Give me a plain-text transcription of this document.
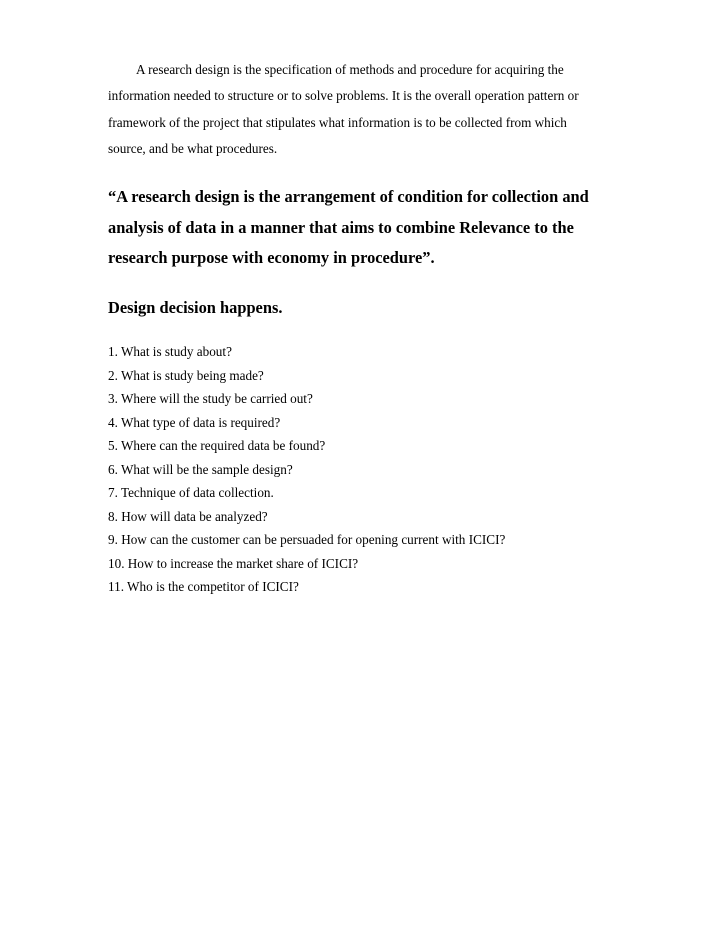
A research design is the specification of methods and procedure for acquiring the
information needed to structure or to solve problems. It is the overall operation pattern or
framework of the project that stipulates what information is to be collected from which
source, and be what procedures.

“A research design is the arrangement of condition for collection and
analysis of data in a manner that aims to combine Relevance to the
research purpose with economy in procedure”.

Design decision happens.
1. What is study about?
2. What is study being made?
3. Where will the study be carried out?
4. What type of data is required?
5. Where can the required data be found?
6. What will be the sample design?
7. Technique of data collection.
8. How will data be analyzed?
9. How can the customer can be persuaded for opening current with ICICI?
10. How to increase the market share of ICICI?
11. Who is the competitor of ICICI?
